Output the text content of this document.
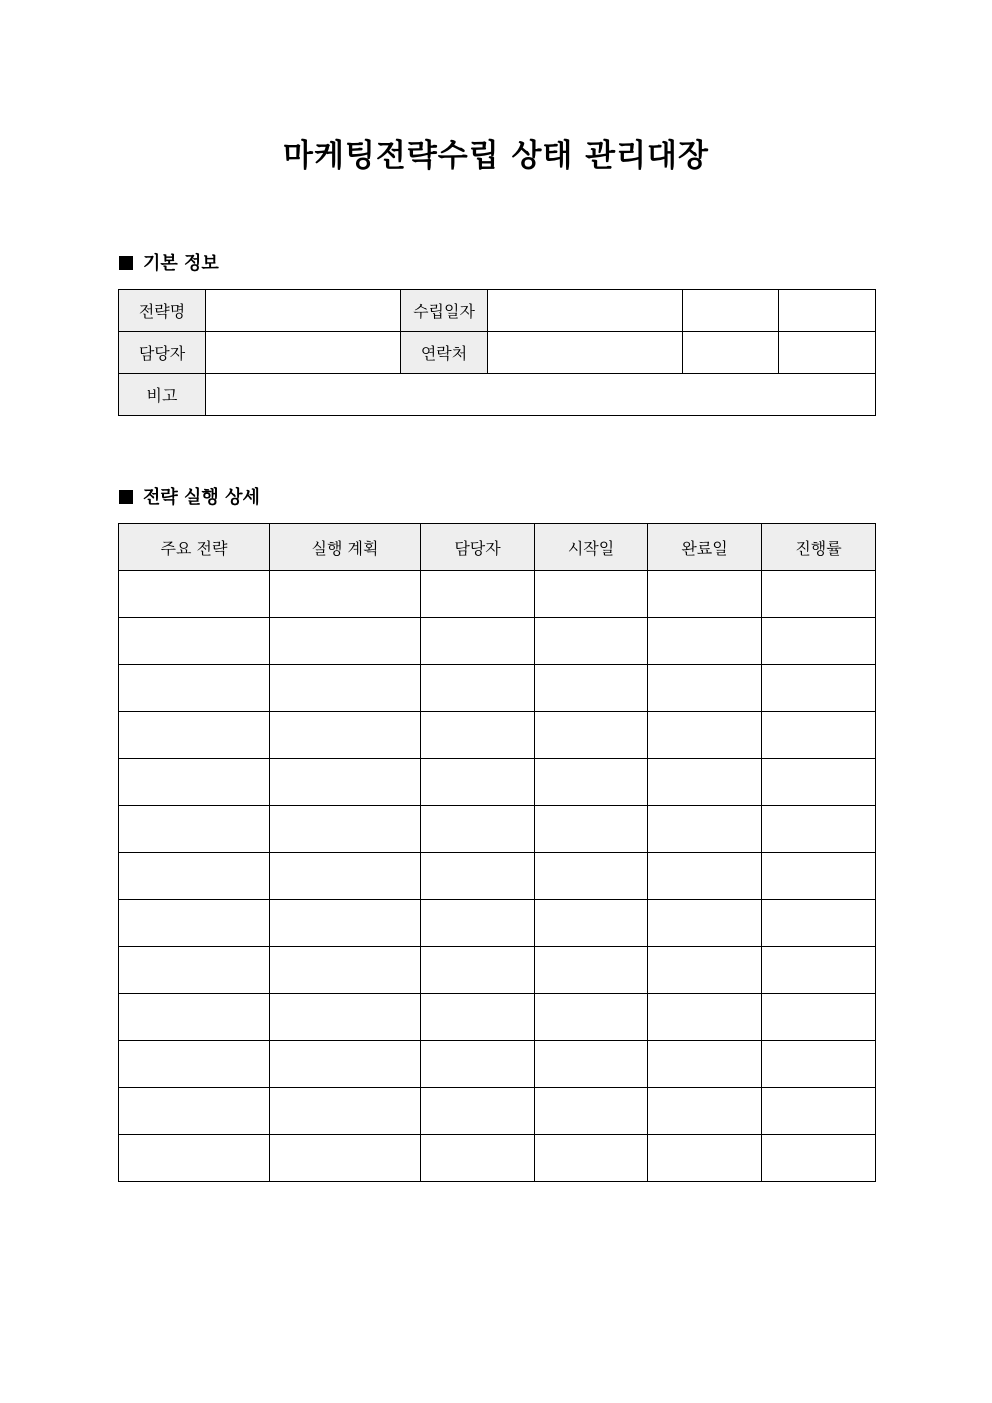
마케팅전략수립 상태 관리대장
기본 정보
전략명		수립일자			
담당자		연락처			
비고					
전략 실행 상세
주요 전략	실행 계획	담당자	시작일	완료일	진행률
